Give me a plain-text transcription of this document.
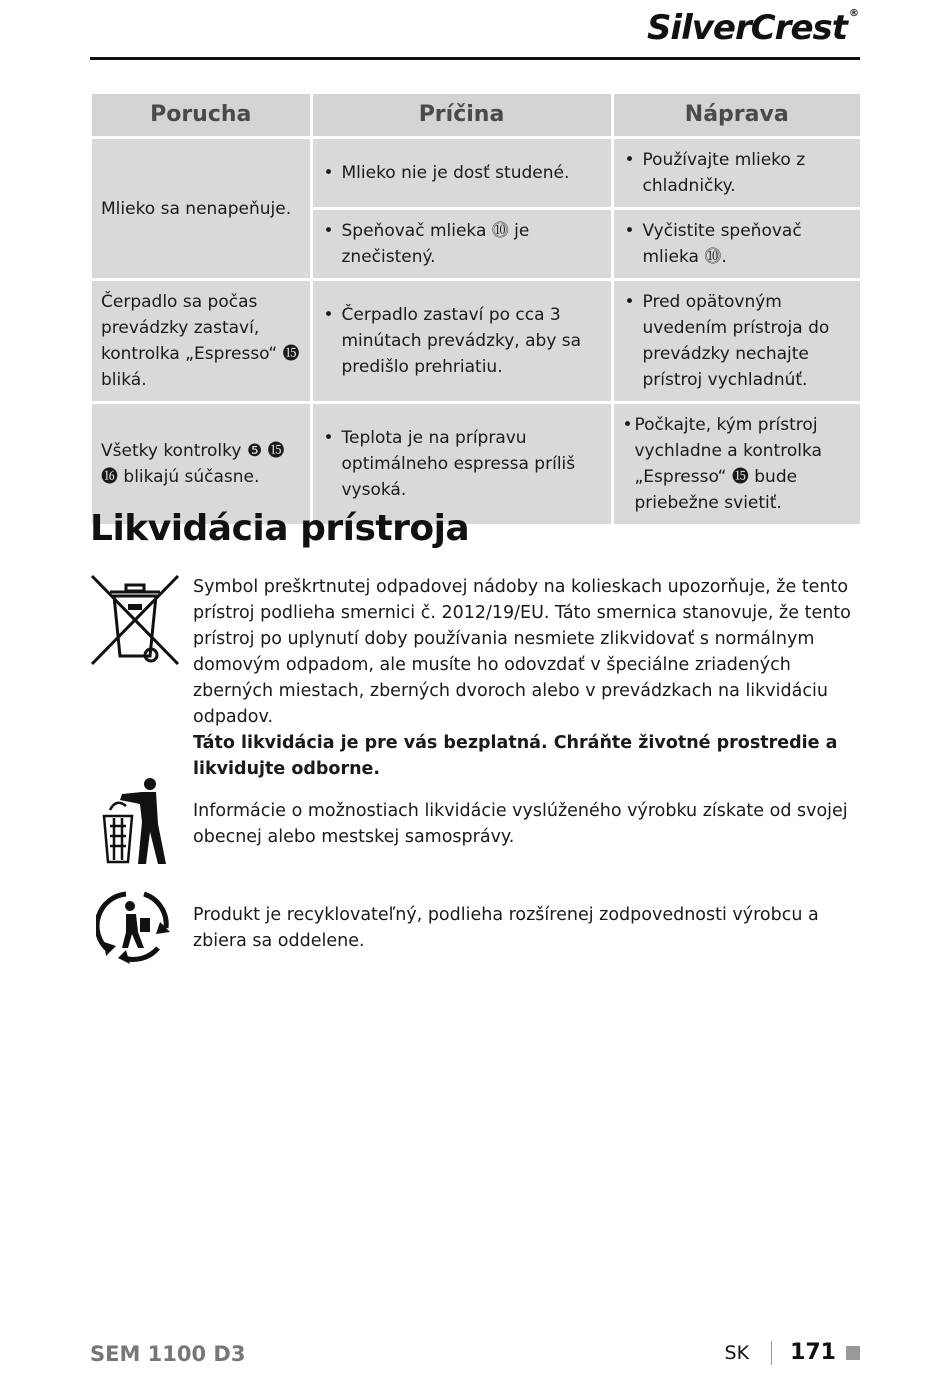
SilverCrest ®
Porucha	Príčina	Náprava
Mlieko sa nenapeňuje.	• Mlieko nie je dosť studené.	• Používajte mlieko z chladničky.

	• Speňovač mlieka ⓾ je znečistený.	• Vyčistite speňovač mlieka ⓾.

Čerpadlo sa počas prevádzky zastaví, kontrolka „Espresso“ ⓯ bliká.	• Čerpadlo zastaví po cca 3 minútach prevádzky, aby sa predišlo prehriatiu.	• Pred opätovným uvedením prístroja do prevádzky nechajte prístroj vychladnúť.

Všetky kontrolky ❺ ⓯ ⓰ blikajú súčasne.	• Teplota je na prípravu optimálneho espressa príliš vysoká.	• Počkajte, kým prístroj vychladne a kontrolka „Espresso“ ⓯ bude priebežne svietiť.
Likvidácia prístroja

Symbol preškrtnutej odpadovej nádoby na kolieskach upozorňuje, že tento prístroj podlieha smernici č. 2012/19/EU. Táto smernica stanovuje, že tento prístroj po uplynutí doby používania nesmiete zlikvidovať s normálnym domovým odpadom, ale musíte ho odovzdať v špeciálne zriadených zberných miestach, zberných dvoroch alebo v prevádzkach na likvidáciu odpadov.

Táto likvidácia je pre vás bezplatná. Chráňte životné prostredie a likvidujte odborne.

Informácie o možnostiach likvidácie vyslúženého výrobku získate od svojej obecnej alebo mestskej samosprávy.

Produkt je recyklovateľný, podlieha rozšírenej zodpovednosti výrobcu a zbiera sa oddelene.

SEM 1100 D3	SK 171
